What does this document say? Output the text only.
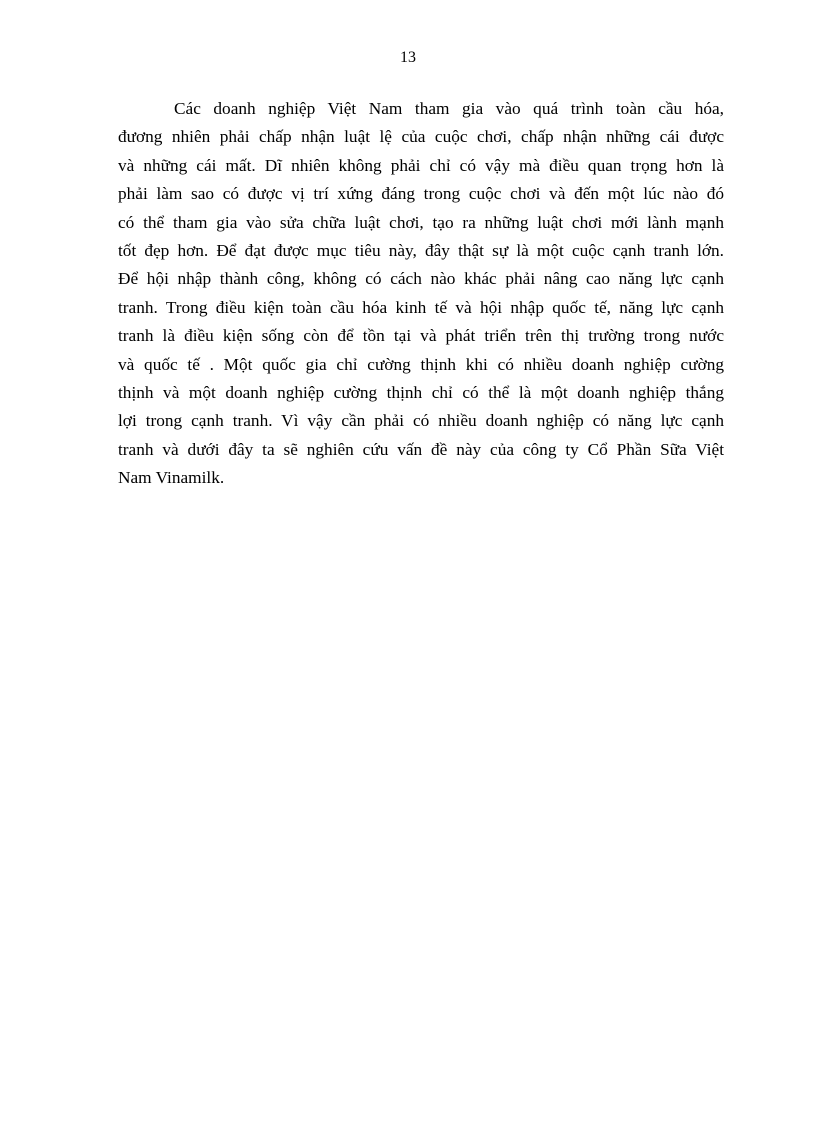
13
Các doanh nghiệp Việt Nam tham gia vào quá trình toàn cầu hóa,
đương nhiên phải chấp nhận luật lệ của cuộc chơi, chấp nhận những cái được
và những cái mất. Dĩ nhiên không phải chỉ có vậy mà điều quan trọng hơn là
phải làm sao có được vị trí xứng đáng trong cuộc chơi và đến một lúc nào đó
có thể tham gia vào sửa chữa luật chơi, tạo ra những luật chơi mới lành mạnh
tốt đẹp hơn. Để đạt được mục tiêu này, đây thật sự là một cuộc cạnh tranh lớn.
Để hội nhập thành công, không có cách nào khác phải nâng cao năng lực cạnh
tranh. Trong điều kiện toàn cầu hóa kinh tế và hội nhập quốc tế, năng lực cạnh
tranh là điều kiện sống còn để tồn tại và phát triển trên thị trường trong nước
và quốc tế . Một quốc gia chỉ cường thịnh khi có nhiều doanh nghiệp cường
thịnh và một doanh nghiệp cường thịnh chỉ có thể là một doanh nghiệp thắng
lợi trong cạnh tranh. Vì vậy cần phải có nhiều doanh nghiệp có năng lực cạnh
tranh và dưới đây ta sẽ nghiên cứu vấn đề này của công ty Cổ Phần Sữa Việt
Nam Vinamilk.
